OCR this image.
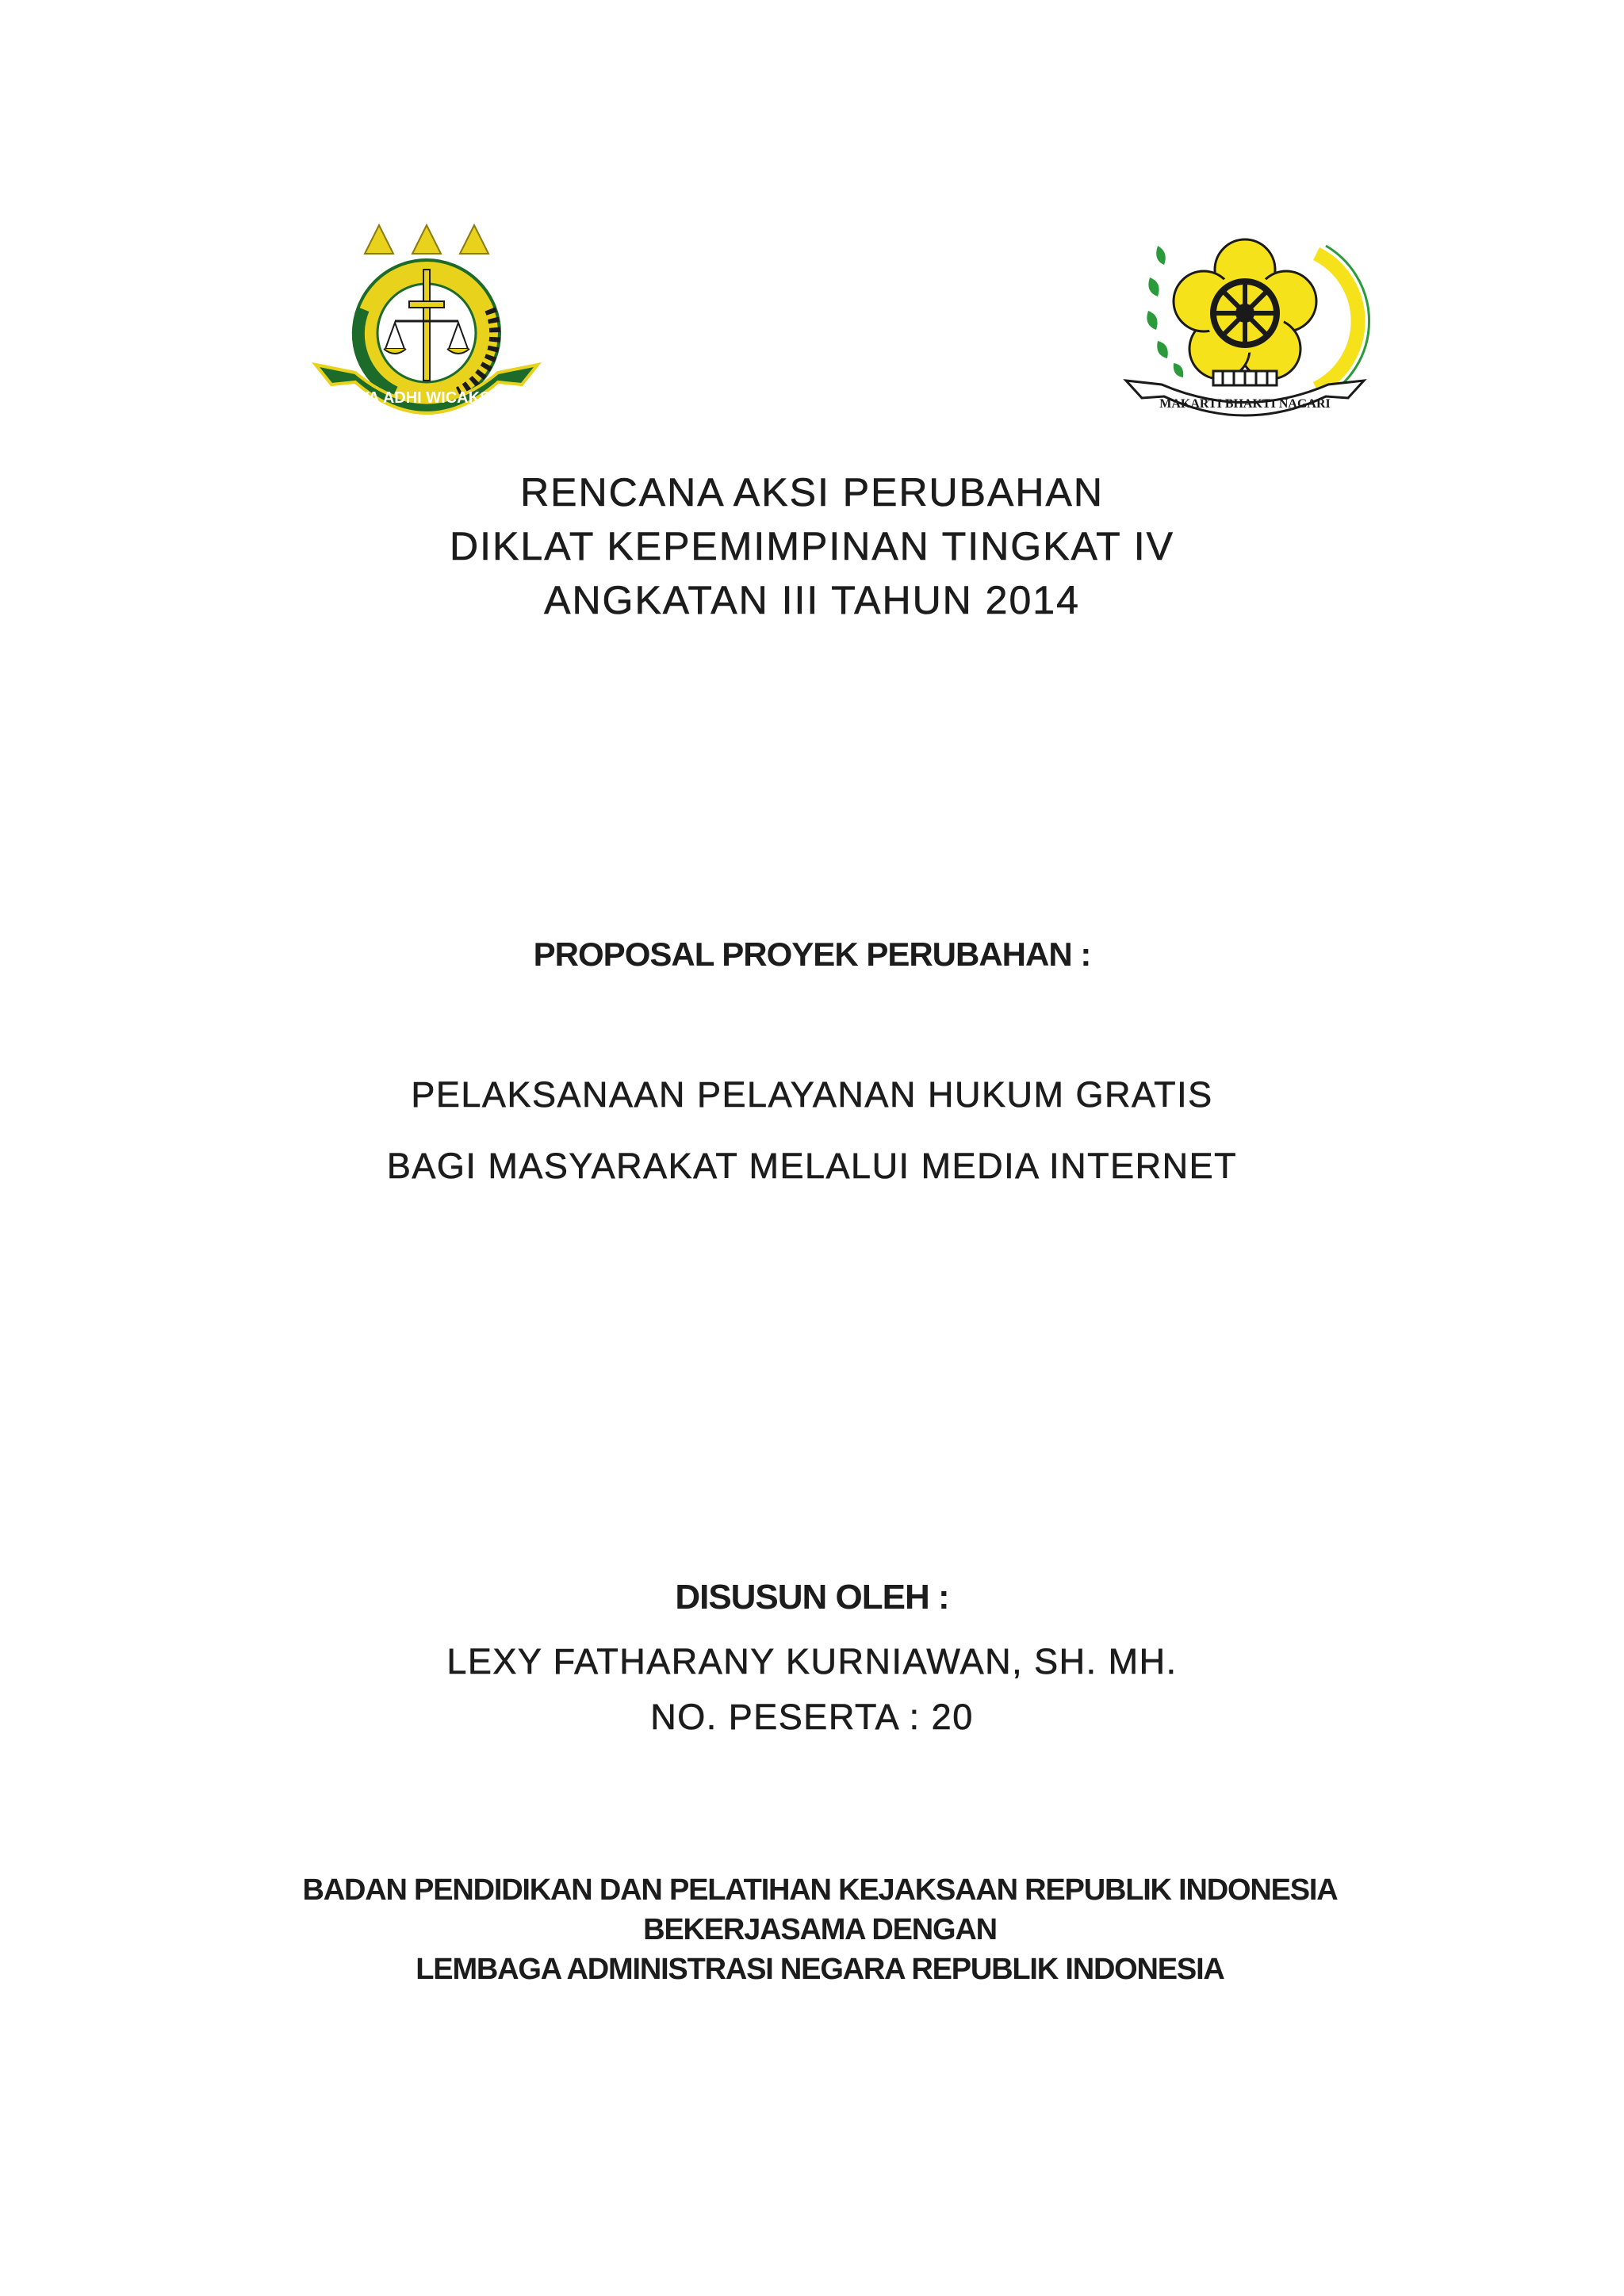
SATYA ADHI WICAKSANA	MAKARTI BHAKTI NAGARI
RENCANA AKSI PERUBAHAN
DIKLAT KEPEMIMPINAN TINGKAT IV
ANGKATAN III TAHUN 2014
PROPOSAL PROYEK PERUBAHAN :
PELAKSANAAN PELAYANAN HUKUM GRATIS
BAGI MASYARAKAT MELALUI MEDIA INTERNET
DISUSUN OLEH :
LEXY FATHARANY KURNIAWAN, SH. MH.
NO. PESERTA : 20
BADAN PENDIDIKAN DAN PELATIHAN KEJAKSAAN REPUBLIK INDONESIA
BEKERJASAMA DENGAN
LEMBAGA ADMINISTRASI NEGARA REPUBLIK INDONESIA
